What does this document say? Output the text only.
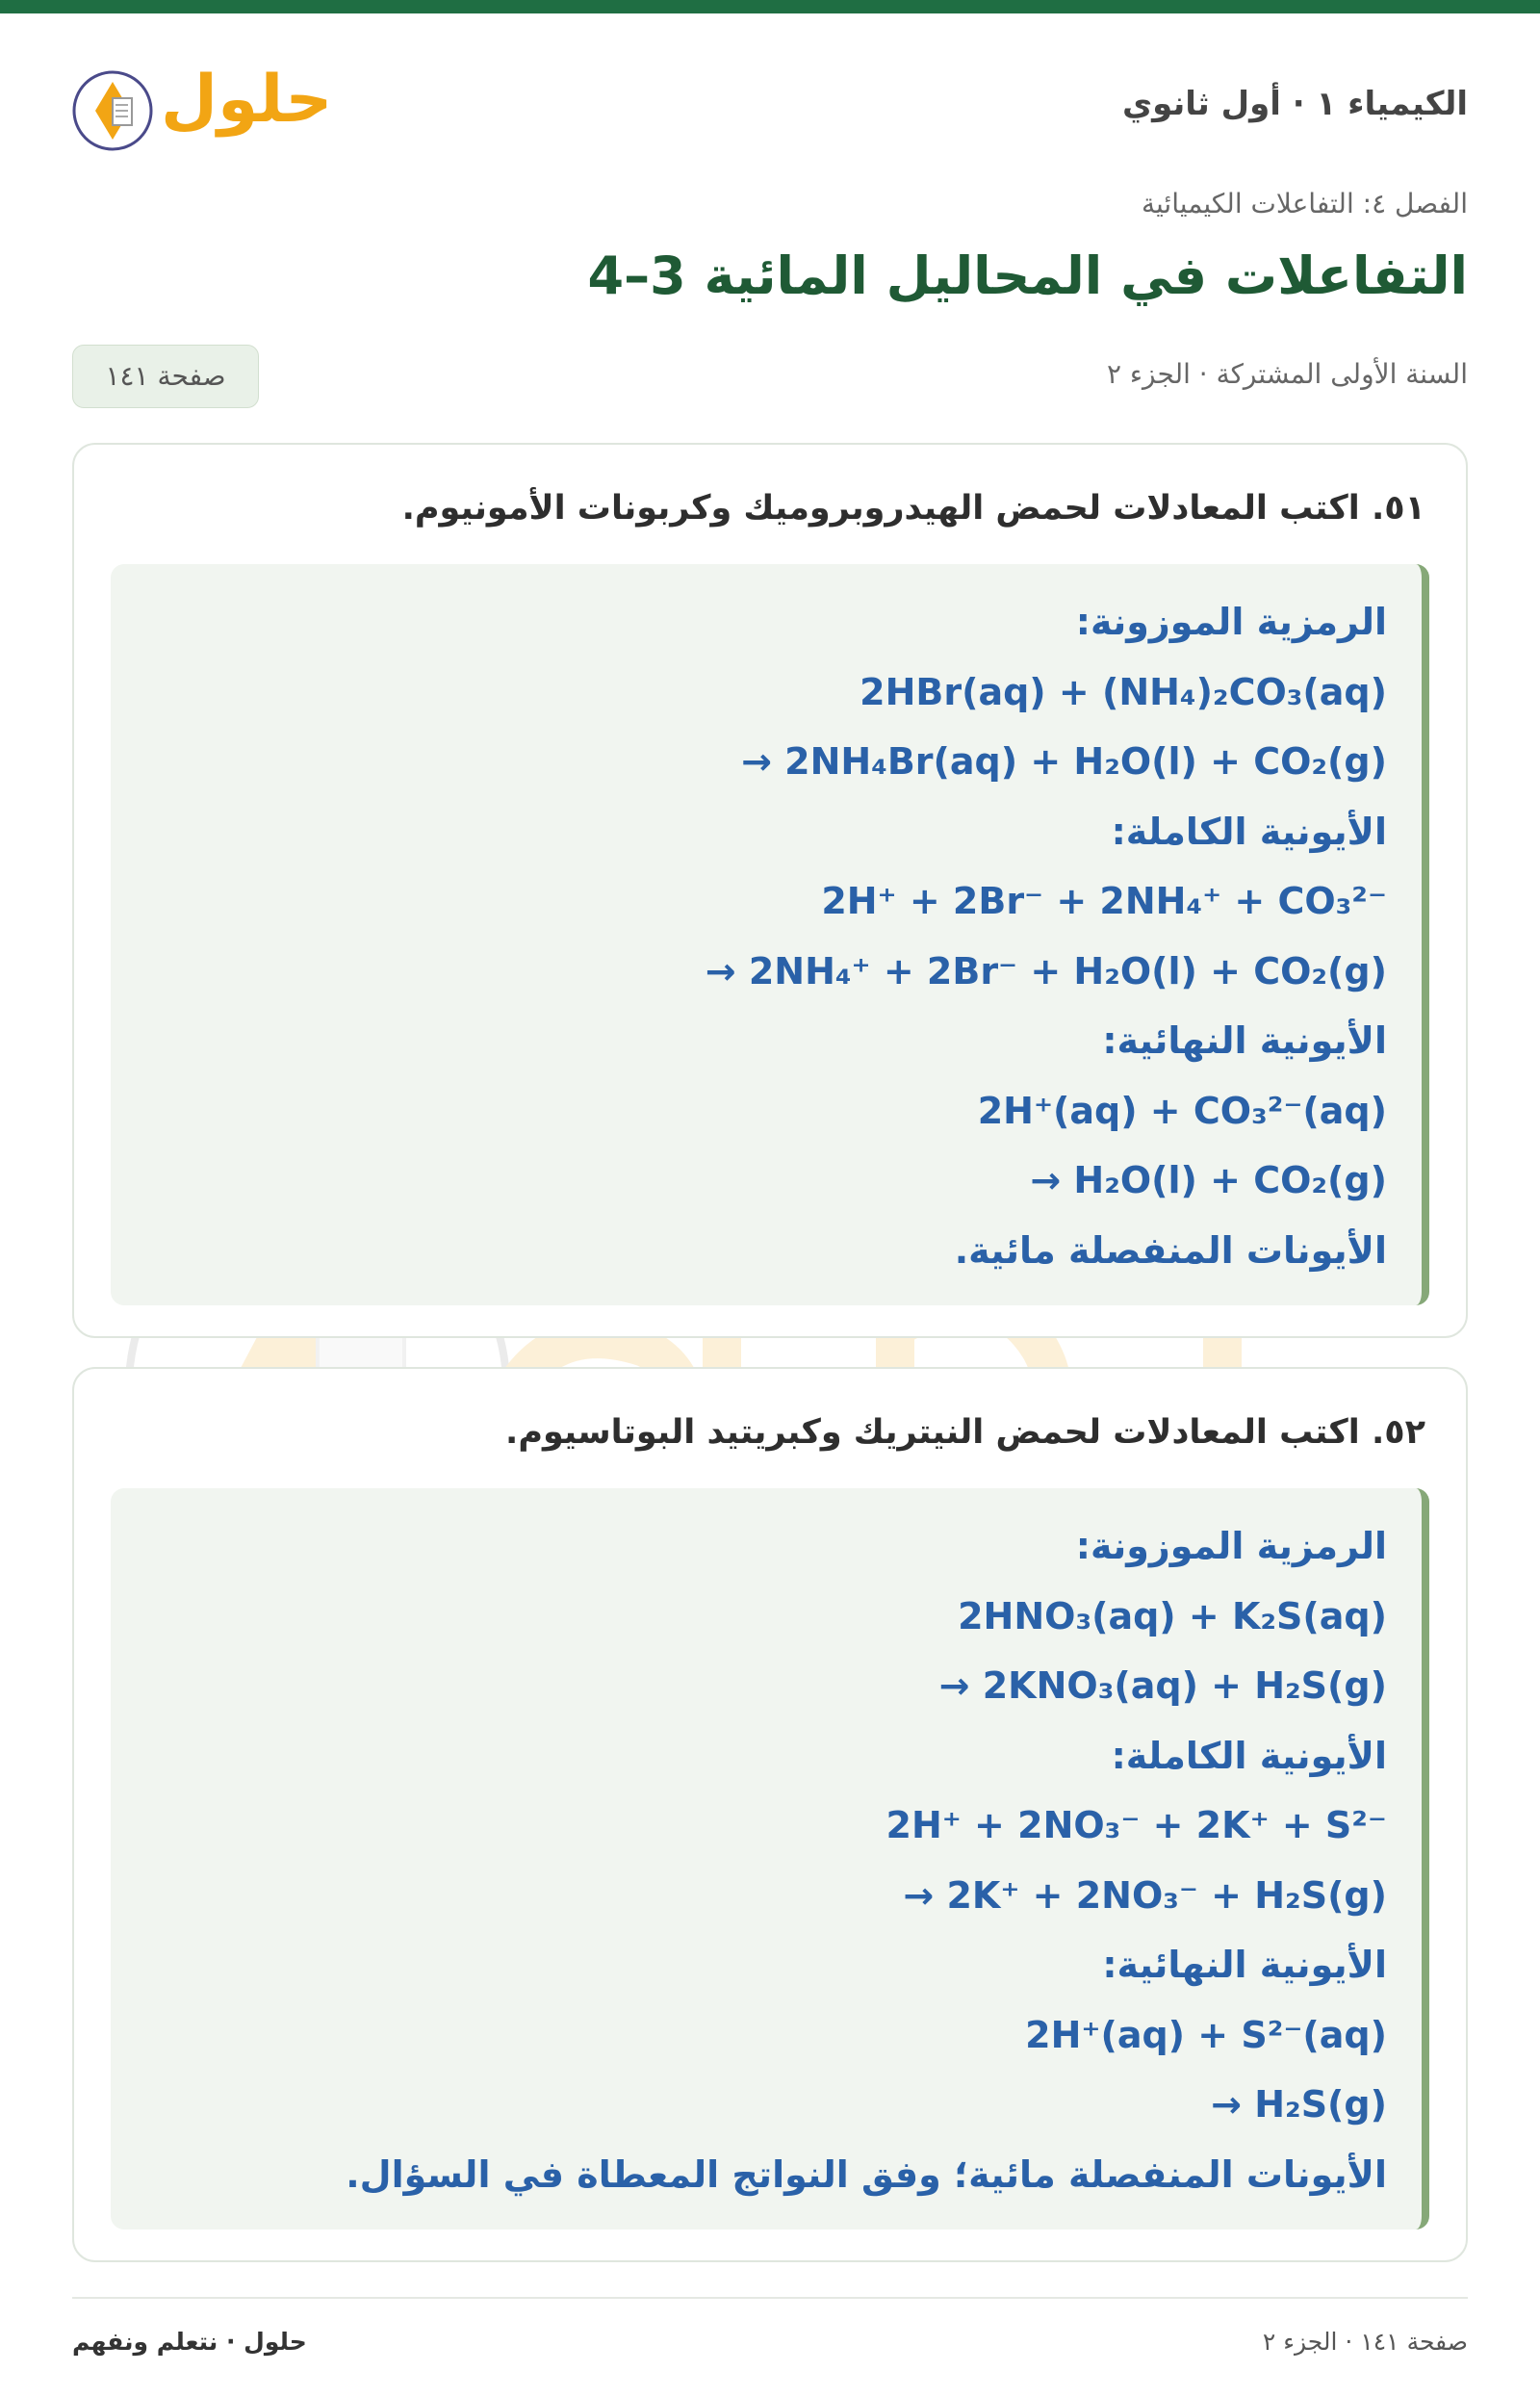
الكيمياء ١ · أول ثانوي
حلول
الفصل ٤: التفاعلات الكيميائية
التفاعلات في المحاليل المائية 3–4
السنة الأولى المشتركة · الجزء ٢
صفحة ١٤١
٥١. اكتب المعادلات لحمض الهيدروبروميك وكربونات الأمونيوم.
الرمزية الموزونة:
2HBr(aq) + (NH₄)₂CO₃(aq)
→ 2NH₄Br(aq) + H₂O(l) + CO₂(g)
الأيونية الكاملة:
2H⁺ + 2Br⁻ + 2NH₄⁺ + CO₃²⁻
→ 2NH₄⁺ + 2Br⁻ + H₂O(l) + CO₂(g)
الأيونية النهائية:
2H⁺(aq) + CO₃²⁻(aq)
→ H₂O(l) + CO₂(g)
الأيونات المنفصلة مائية.
٥٢. اكتب المعادلات لحمض النيتريك وكبريتيد البوتاسيوم.
الرمزية الموزونة:
2HNO₃(aq) + K₂S(aq)
→ 2KNO₃(aq) + H₂S(g)
الأيونية الكاملة:
2H⁺ + 2NO₃⁻ + 2K⁺ + S²⁻
→ 2K⁺ + 2NO₃⁻ + H₂S(g)
الأيونية النهائية:
2H⁺(aq) + S²⁻(aq)
→ H₂S(g)
الأيونات المنفصلة مائية؛ وفق النواتج المعطاة في السؤال.
صفحة ١٤١ · الجزء ٢
حلول · نتعلم ونفهم
